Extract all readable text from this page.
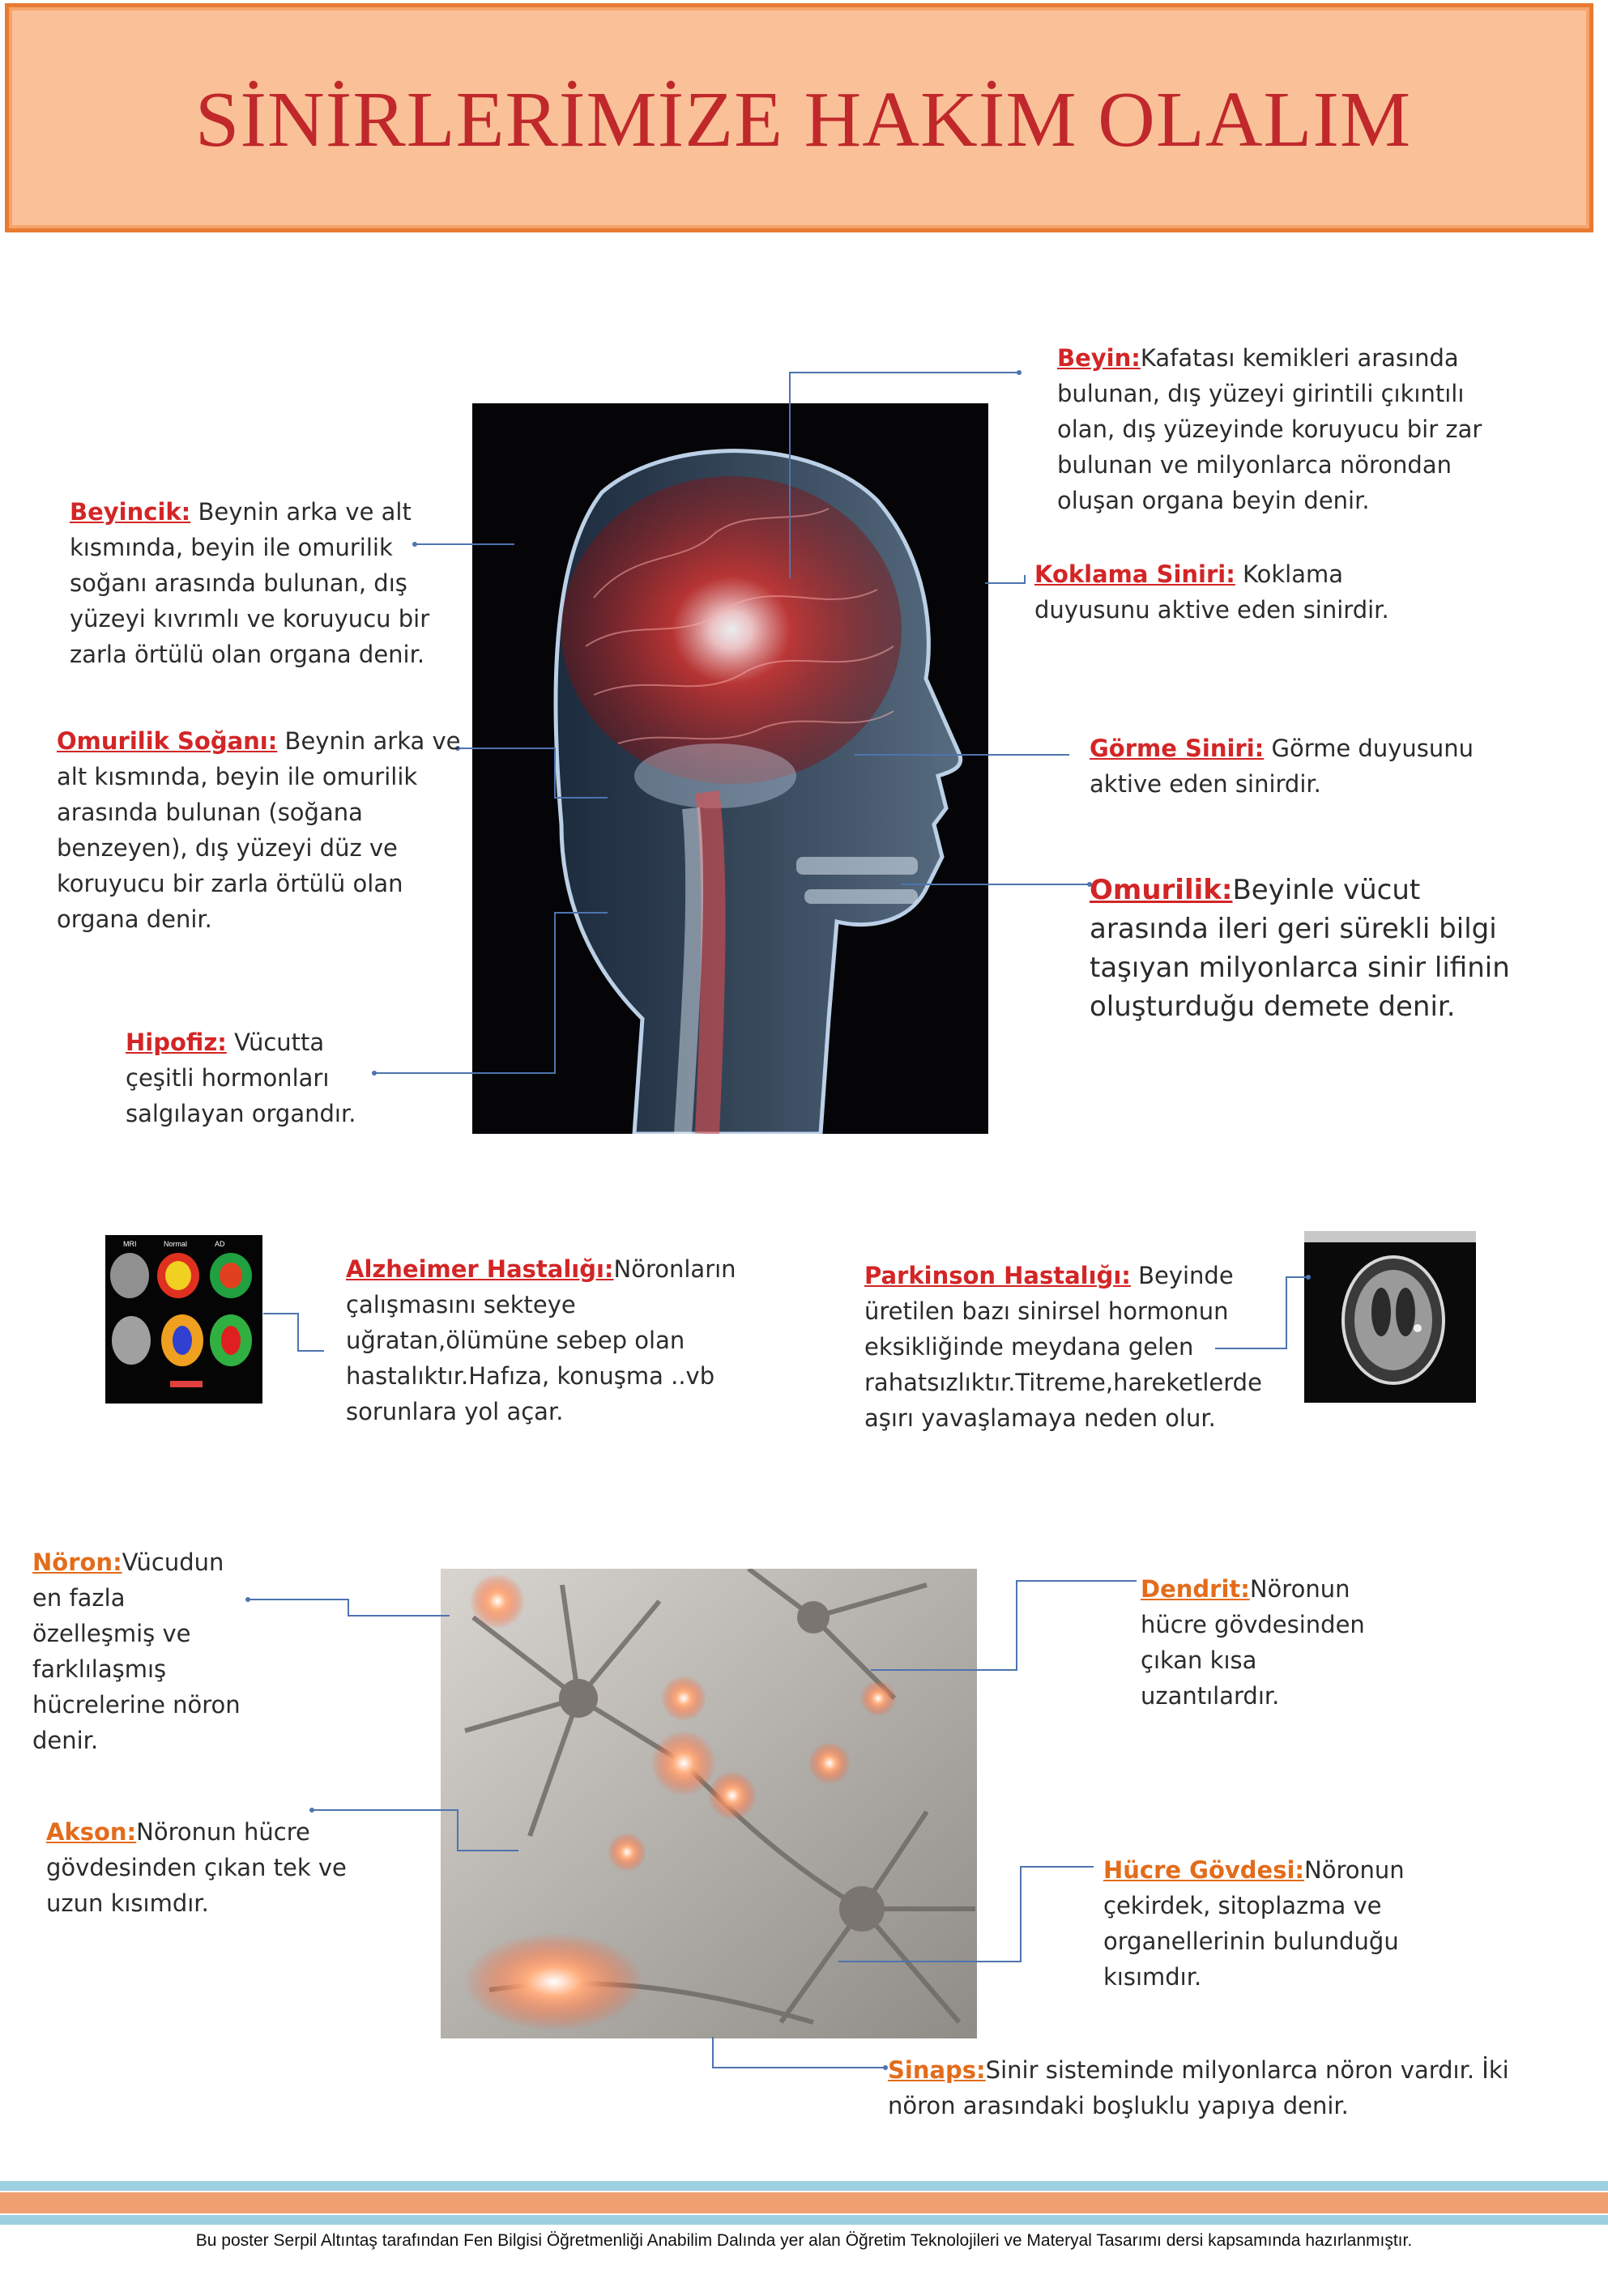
SİNİRLERİMİZE HAKİM OLALIM
MRI	Normal	AD
Beyincik: Beynin arka ve alt kısmında, beyin ile omurilik soğanı arasında bulunan, dış yüzeyi kıvrımlı ve koruyucu bir zarla örtülü olan organa denir.
Omurilik Soğanı: Beynin arka ve alt kısmında, beyin ile omurilik arasında bulunan (soğana benzeyen), dış yüzeyi düz ve koruyucu bir zarla örtülü olan organa denir.
Hipofiz: Vücutta çeşitli hormonları salgılayan organdır.
Beyin:Kafatası kemikleri arasında bulunan, dış yüzeyi girintili çıkıntılı olan, dış yüzeyinde koruyucu bir zar bulunan ve milyonlarca nörondan oluşan organa beyin denir.
Koklama Siniri: Koklama duyusunu aktive eden sinirdir.
Görme Siniri: Görme duyusunu aktive eden sinirdir.
Omurilik:Beyinle vücut arasında ileri geri sürekli bilgi taşıyan milyonlarca sinir lifinin oluşturduğu demete denir.
Alzheimer Hastalığı:Nöronların çalışmasını sekteye uğratan,ölümüne sebep olan hastalıktır.Hafıza, konuşma ..vb sorunlara yol açar.
Parkinson Hastalığı: Beyinde üretilen bazı sinirsel hormonun eksikliğinde meydana gelen rahatsızlıktır.Titreme,hareketlerde aşırı yavaşlamaya neden olur.
Nöron:Vücudun en fazla özelleşmiş ve farklılaşmış hücrelerine nöron denir.
Dendrit:Nöronun hücre gövdesinden çıkan kısa uzantılardır.
Akson:Nöronun hücre gövdesinden çıkan tek ve uzun kısımdır.
Hücre Gövdesi:Nöronun çekirdek, sitoplazma ve organellerinin bulunduğu kısımdır.
Sinaps:Sinir sisteminde milyonlarca nöron vardır. İki nöron arasındaki boşluklu yapıya denir.
Bu poster Serpil Altıntaş tarafından Fen Bilgisi Öğretmenliği Anabilim Dalında yer alan Öğretim Teknolojileri ve Materyal Tasarımı dersi kapsamında hazırlanmıştır.
